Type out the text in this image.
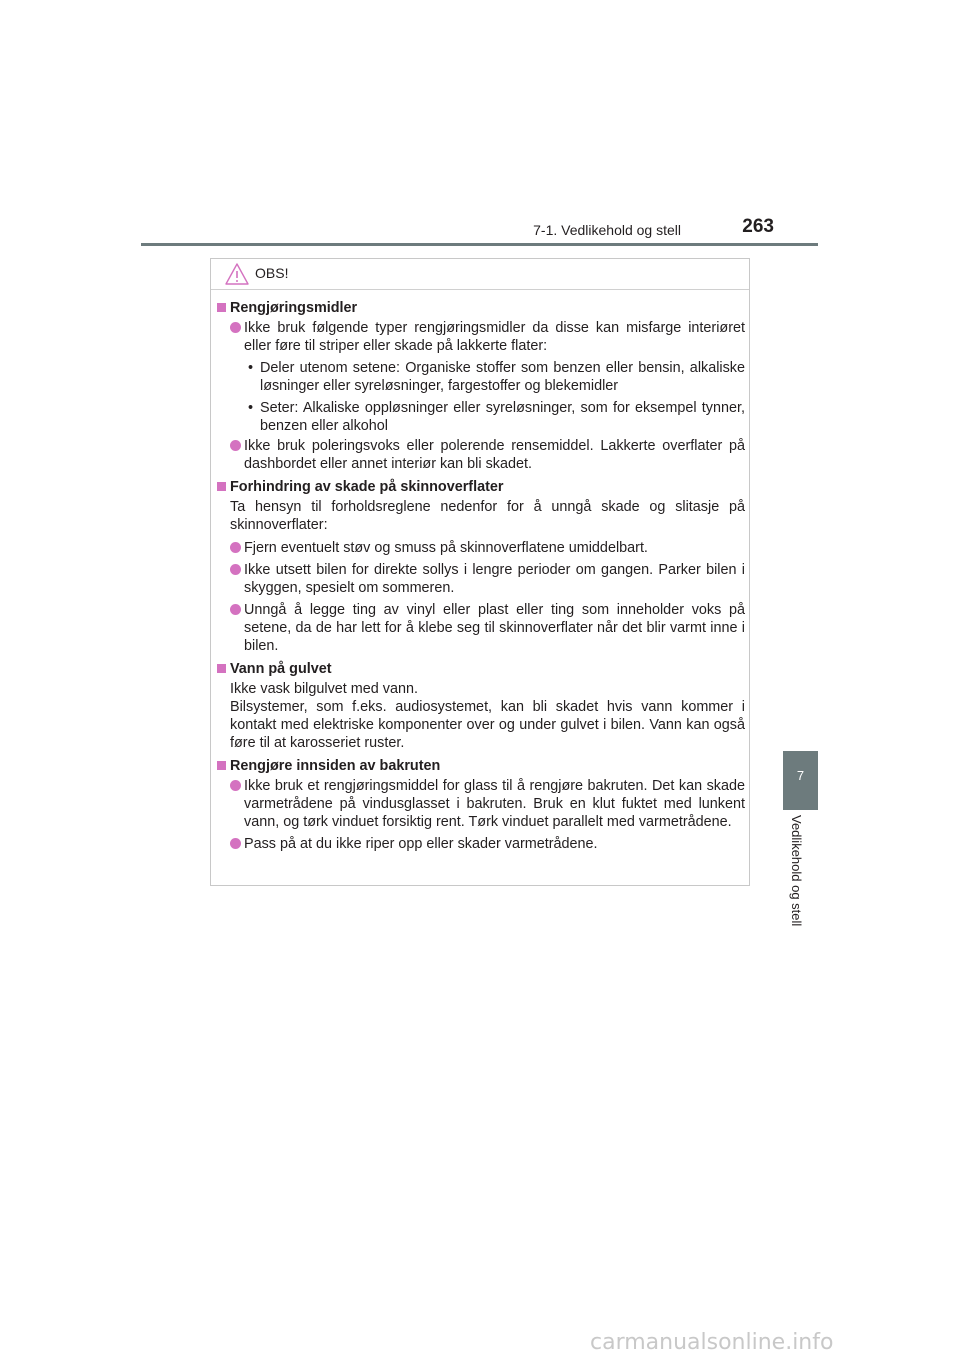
7-1. Vedlikehold og stell	263
7
Vedlikehold og stell
OBS!
Rengjøringsmidler
Ikke bruk følgende typer rengjøringsmidler da disse kan misfarge interiøret eller føre til striper eller skade på lakkerte flater:
• Deler utenom setene: Organiske stoffer som benzen eller bensin, alkaliske løsninger eller syreløsninger, fargestoffer og blekemidler
• Seter: Alkaliske oppløsninger eller syreløsninger, som for eksempel tynner, benzen eller alkohol
Ikke bruk poleringsvoks eller polerende rensemiddel. Lakkerte overflater på dashbordet eller annet interiør kan bli skadet.
Forhindring av skade på skinnoverflater
Ta hensyn til forholdsreglene nedenfor for å unngå skade og slitasje på skinnoverflater:
Fjern eventuelt støv og smuss på skinnoverflatene umiddelbart.
Ikke utsett bilen for direkte sollys i lengre perioder om gangen. Parker bilen i skyggen, spesielt om sommeren.
Unngå å legge ting av vinyl eller plast eller ting som inneholder voks på setene, da de har lett for å klebe seg til skinnoverflater når det blir varmt inne i bilen.
Vann på gulvet
Ikke vask bilgulvet med vann.
Bilsystemer, som f.eks. audiosystemet, kan bli skadet hvis vann kommer i kontakt med elektriske komponenter over og under gulvet i bilen. Vann kan også føre til at karosseriet ruster.
Rengjøre innsiden av bakruten
Ikke bruk et rengjøringsmiddel for glass til å rengjøre bakruten. Det kan skade varmetrådene på vindusglasset i bakruten. Bruk en klut fuktet med lunkent vann, og tørk vinduet forsiktig rent. Tørk vinduet parallelt med varmetrådene.
Pass på at du ikke riper opp eller skader varmetrådene.
carmanualsonline.info
